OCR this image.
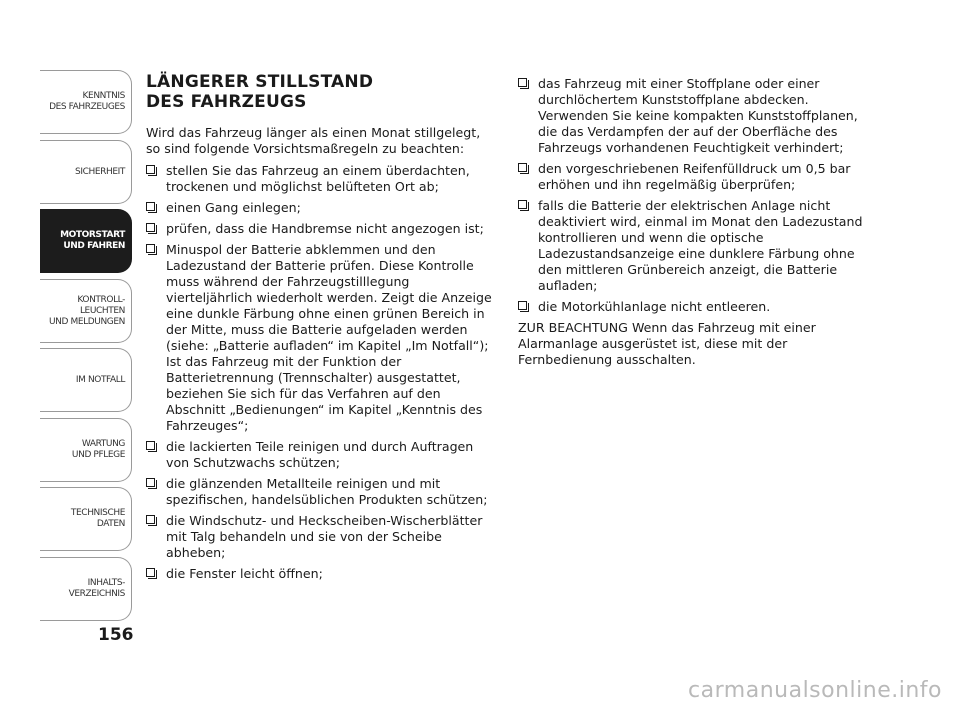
KENNTNIS
DES FAHRZEUGES
SICHERHEIT
MOTORSTART
UND FAHREN
KONTROLL-
LEUCHTEN
UND MELDUNGEN
IM NOTFALL
WARTUNG
UND PFLEGE
TECHNISCHE
DATEN
INHALTS-
VERZEICHNIS
156
LÄNGERER STILLSTAND
DES FAHRZEUGS

Wird das Fahrzeug länger als einen Monat stillgelegt, so sind folgende Vorsichtsmaßregeln zu beachten:

stellen Sie das Fahrzeug an einem überdachten, trockenen und möglichst belüfteten Ort ab;
einen Gang einlegen;
prüfen, dass die Handbremse nicht angezogen ist;
Minuspol der Batterie abklemmen und den Ladezustand der Batterie prüfen. Diese Kontrolle muss während der Fahrzeugstilllegung vierteljährlich wiederholt werden. Zeigt die Anzeige eine dunkle Färbung ohne einen grünen Bereich in der Mitte, muss die Batterie aufgeladen werden (siehe: „Batterie aufladen“ im Kapitel „Im Notfall“); Ist das Fahrzeug mit der Funktion der Batterietrennung (Trennschalter) ausgestattet, beziehen Sie sich für das Verfahren auf den Abschnitt „Bedienungen“ im Kapitel „Kenntnis des Fahrzeuges“;
die lackierten Teile reinigen und durch Auftragen von Schutzwachs schützen;
die glänzenden Metallteile reinigen und mit spezifischen, handelsüblichen Produkten schützen;
die Windschutz- und Heckscheiben-Wischerblätter mit Talg behandeln und sie von der Scheibe abheben;
die Fenster leicht öffnen;
das Fahrzeug mit einer Stoffplane oder einer durchlöchertem Kunststoffplane abdecken. Verwenden Sie keine kompakten Kunststoffplanen, die das Verdampfen der auf der Oberfläche des Fahrzeugs vorhandenen Feuchtigkeit verhindert;
den vorgeschriebenen Reifenfülldruck um 0,5 bar erhöhen und ihn regelmäßig überprüfen;
falls die Batterie der elektrischen Anlage nicht deaktiviert wird, einmal im Monat den Ladezustand kontrollieren und wenn die optische Ladezustandsanzeige eine dunklere Färbung ohne den mittleren Grünbereich anzeigt, die Batterie aufladen;
die Motorkühlanlage nicht entleeren.

ZUR BEACHTUNG Wenn das Fahrzeug mit einer Alarmanlage ausgerüstet ist, diese mit der Fernbedienung ausschalten.

carmanualsonline.info
